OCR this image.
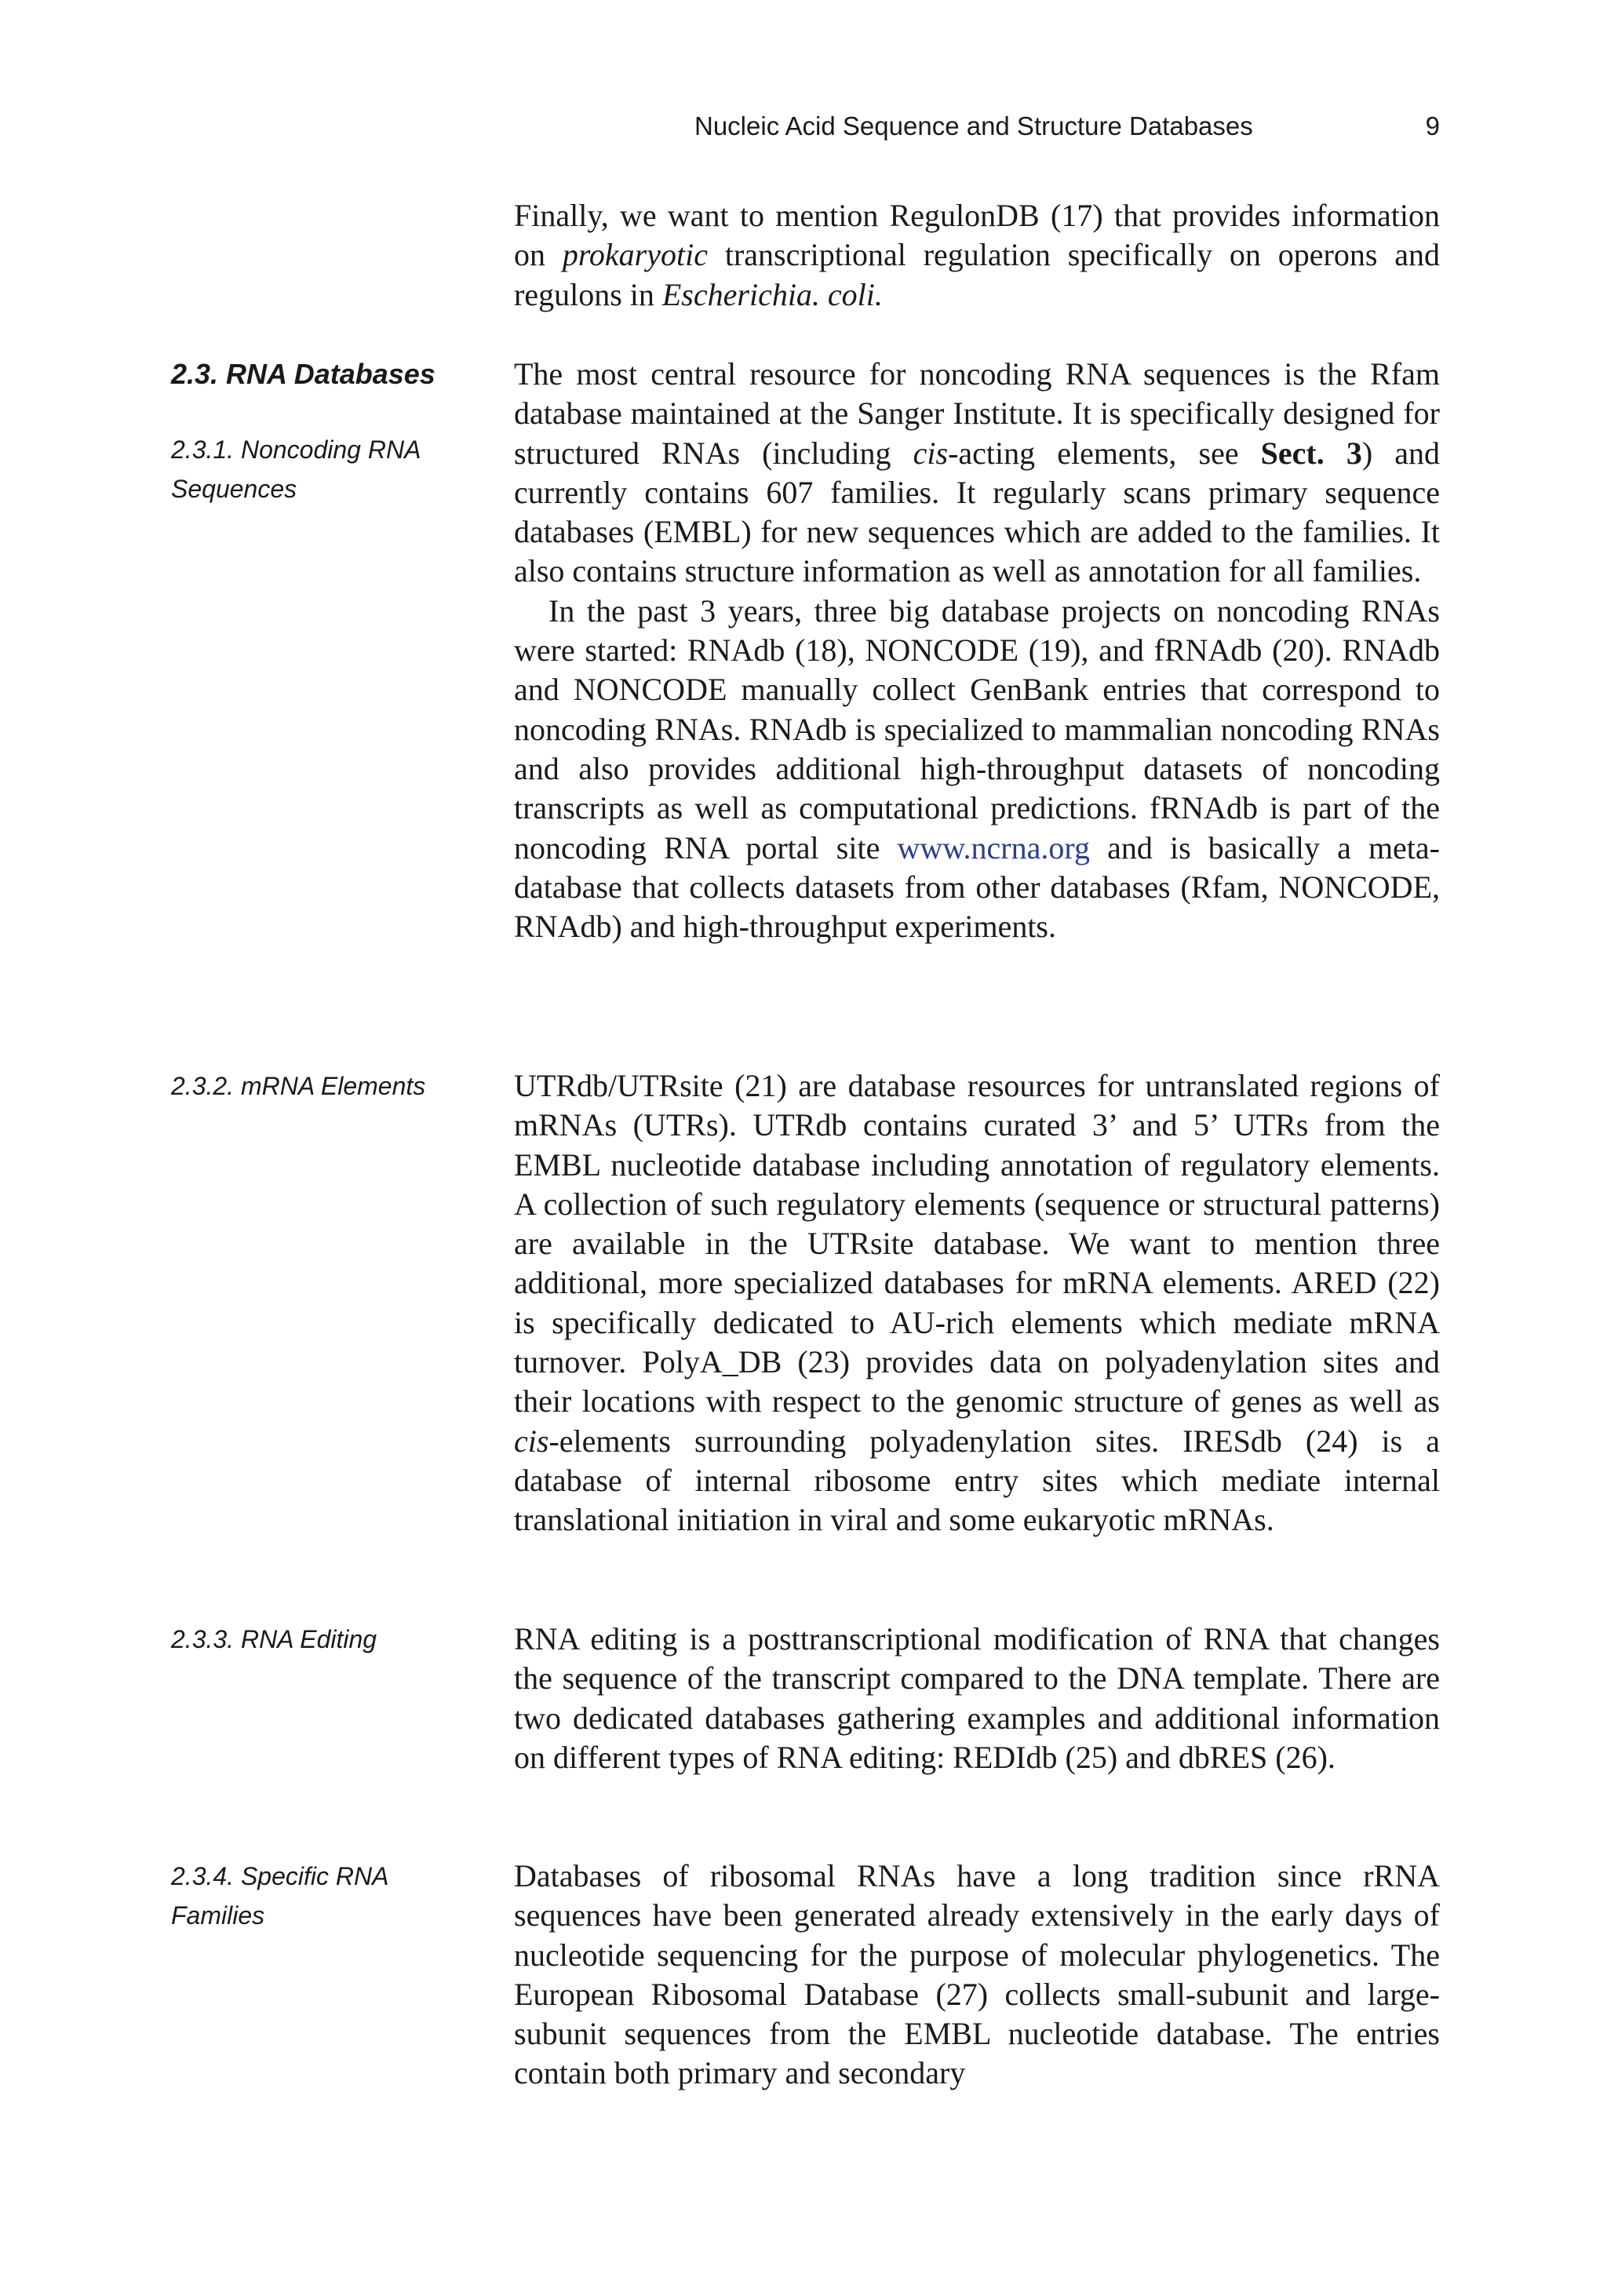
Nucleic Acid Sequence and Structure Databases	9

Finally, we want to mention RegulonDB (17) that provides information on prokaryotic transcriptional regulation specifically on operons and regulons in Escherichia. coli.

2.3. RNA Databases
2.3.1. Noncoding RNA Sequences

The most central resource for noncoding RNA sequences is the Rfam database maintained at the Sanger Institute. It is specifically designed for structured RNAs (including cis-acting elements, see Sect. 3) and currently contains 607 families. It regularly scans primary sequence databases (EMBL) for new sequences which are added to the families. It also contains structure information as well as annotation for all families.

In the past 3 years, three big database projects on noncoding RNAs were started: RNAdb (18), NONCODE (19), and fRNAdb (20). RNAdb and NONCODE manually collect GenBank entries that correspond to noncoding RNAs. RNAdb is specialized to mammalian noncoding RNAs and also provides additional high-throughput datasets of noncoding transcripts as well as computational predictions. fRNAdb is part of the noncoding RNA portal site www.ncrna.org and is basically a meta-database that collects datasets from other databases (Rfam, NONCODE, RNAdb) and high-throughput experiments.

2.3.2. mRNA Elements	UTRdb/UTRsite (21) are database resources for untranslated regions of mRNAs (UTRs). UTRdb contains curated 3’ and 5’ UTRs from the EMBL nucleotide database including annotation of regulatory elements. A collection of such regulatory elements (sequence or structural patterns) are available in the UTRsite database. We want to mention three additional, more specialized databases for mRNA elements. ARED (22) is specifically dedicated to AU-rich elements which mediate mRNA turnover. PolyA_DB (23) provides data on polyadenylation sites and their locations with respect to the genomic structure of genes as well as cis-elements surrounding polyadenylation sites. IRESdb (24) is a database of internal ribosome entry sites which mediate internal translational initiation in viral and some eukaryotic mRNAs.

2.3.3. RNA Editing	RNA editing is a posttranscriptional modification of RNA that changes the sequence of the transcript compared to the DNA template. There are two dedicated databases gathering examples and additional information on different types of RNA editing: REDIdb (25) and dbRES (26).

2.3.4. Specific RNA Families

Databases of ribosomal RNAs have a long tradition since rRNA sequences have been generated already extensively in the early days of nucleotide sequencing for the purpose of molecular phylogenetics. The European Ribosomal Database (27) collects small-subunit and large-subunit sequences from the EMBL nucleotide database. The entries contain both primary and secondary
